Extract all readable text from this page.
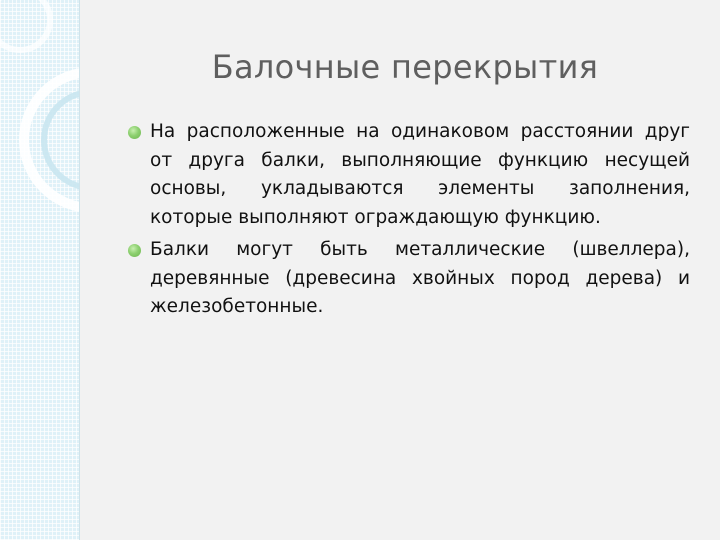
Балочные перекрытия
На расположенные на одинаковом расстоянии друг от друга балки, выполняющие функцию несущей основы, укладываются элементы заполнения, которые выполняют ограждающую функцию.
Балки могут быть металлические (швеллера), деревянные (древесина хвойных пород дерева) и железобетонные.
